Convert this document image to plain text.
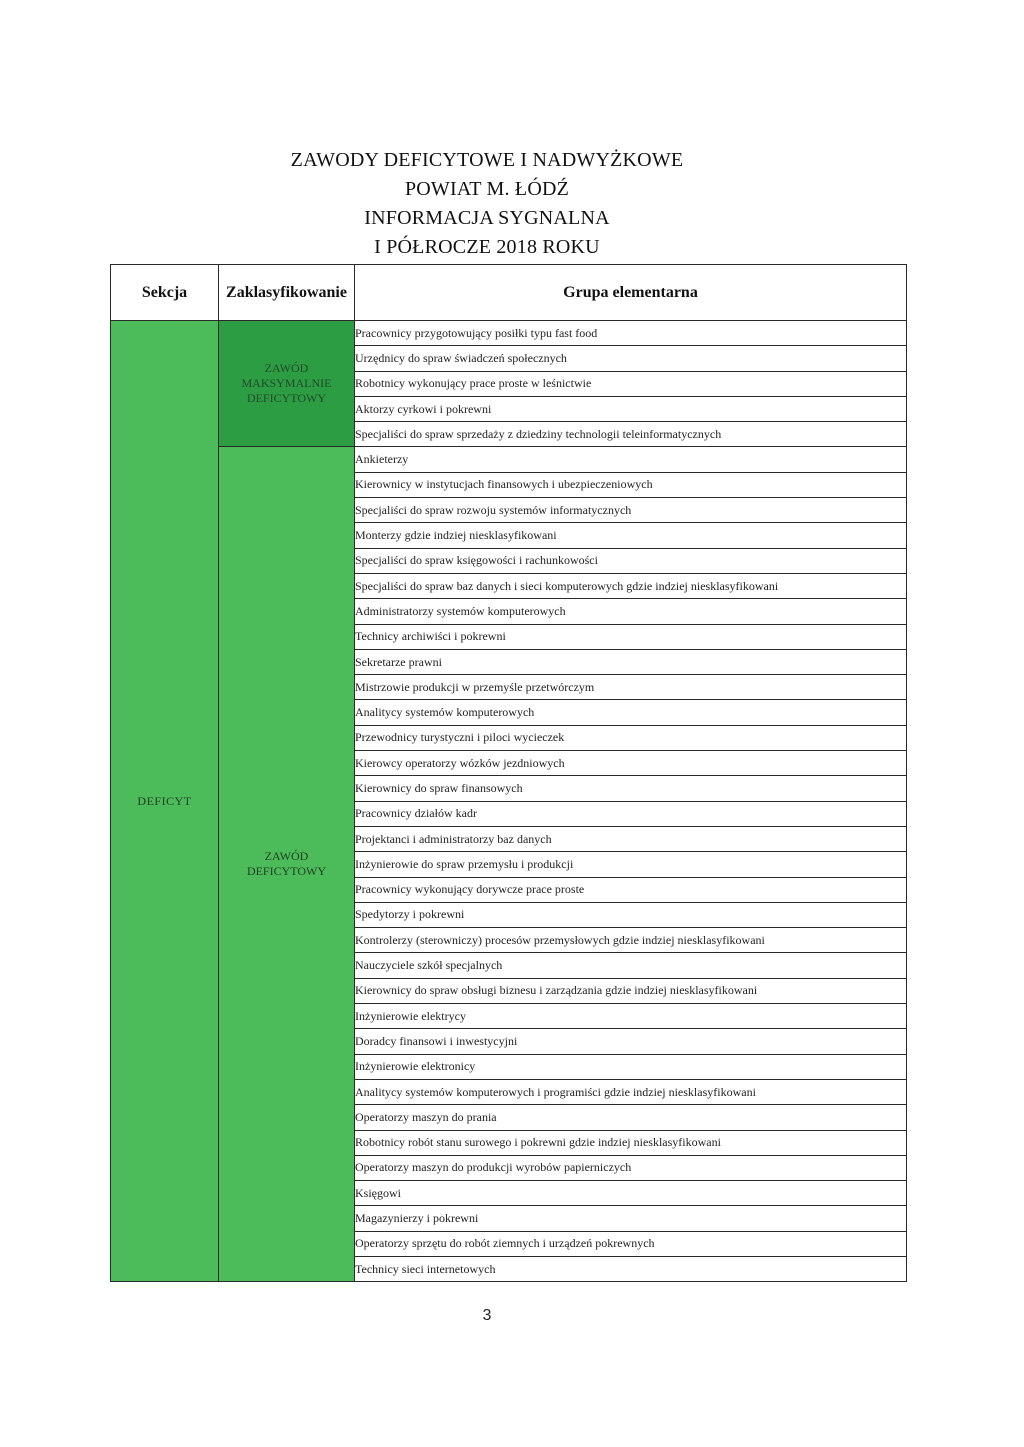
ZAWODY DEFICYTOWE I NADWYŻKOWE
POWIAT M. ŁÓDŹ
INFORMACJA SYGNALNA
I PÓŁROCZE 2018 ROKU
Sekcja	Zaklasyfikowanie	Grupa elementarna
DEFICYT	ZAWÓD
MAKSYMALNIE
DEFICYTOWY	Pracownicy przygotowujący posiłki typu fast food
		Urzędnicy do spraw świadczeń społecznych
		Robotnicy wykonujący prace proste w leśnictwie
		Aktorzy cyrkowi i pokrewni
		Specjaliści do spraw sprzedaży z dziedziny technologii teleinformatycznych

	ZAWÓD
DEFICYTOWY	Ankieterzy
		Kierownicy w instytucjach finansowych i ubezpieczeniowych
		Specjaliści do spraw rozwoju systemów informatycznych
		Monterzy gdzie indziej niesklasyfikowani
		Specjaliści do spraw księgowości i rachunkowości
		Specjaliści do spraw baz danych i sieci komputerowych gdzie indziej niesklasyfikowani
		Administratorzy systemów komputerowych
		Technicy archiwiści i pokrewni
		Sekretarze prawni
		Mistrzowie produkcji w przemyśle przetwórczym
		Analitycy systemów komputerowych
		Przewodnicy turystyczni i piloci wycieczek
		Kierowcy operatorzy wózków jezdniowych
		Kierownicy do spraw finansowych
		Pracownicy działów kadr
		Projektanci i administratorzy baz danych
		Inżynierowie do spraw przemysłu i produkcji
		Pracownicy wykonujący dorywcze prace proste
		Spedytorzy i pokrewni
		Kontrolerzy (sterowniczy) procesów przemysłowych gdzie indziej niesklasyfikowani
		Nauczyciele szkół specjalnych
		Kierownicy do spraw obsługi biznesu i zarządzania gdzie indziej niesklasyfikowani
		Inżynierowie elektrycy
		Doradcy finansowi i inwestycyjni
		Inżynierowie elektronicy
		Analitycy systemów komputerowych i programiści gdzie indziej niesklasyfikowani
		Operatorzy maszyn do prania
		Robotnicy robót stanu surowego i pokrewni gdzie indziej niesklasyfikowani
		Operatorzy maszyn do produkcji wyrobów papierniczych
		Księgowi
		Magazynierzy i pokrewni
		Operatorzy sprzętu do robót ziemnych i urządzeń pokrewnych
		Technicy sieci internetowych
3
